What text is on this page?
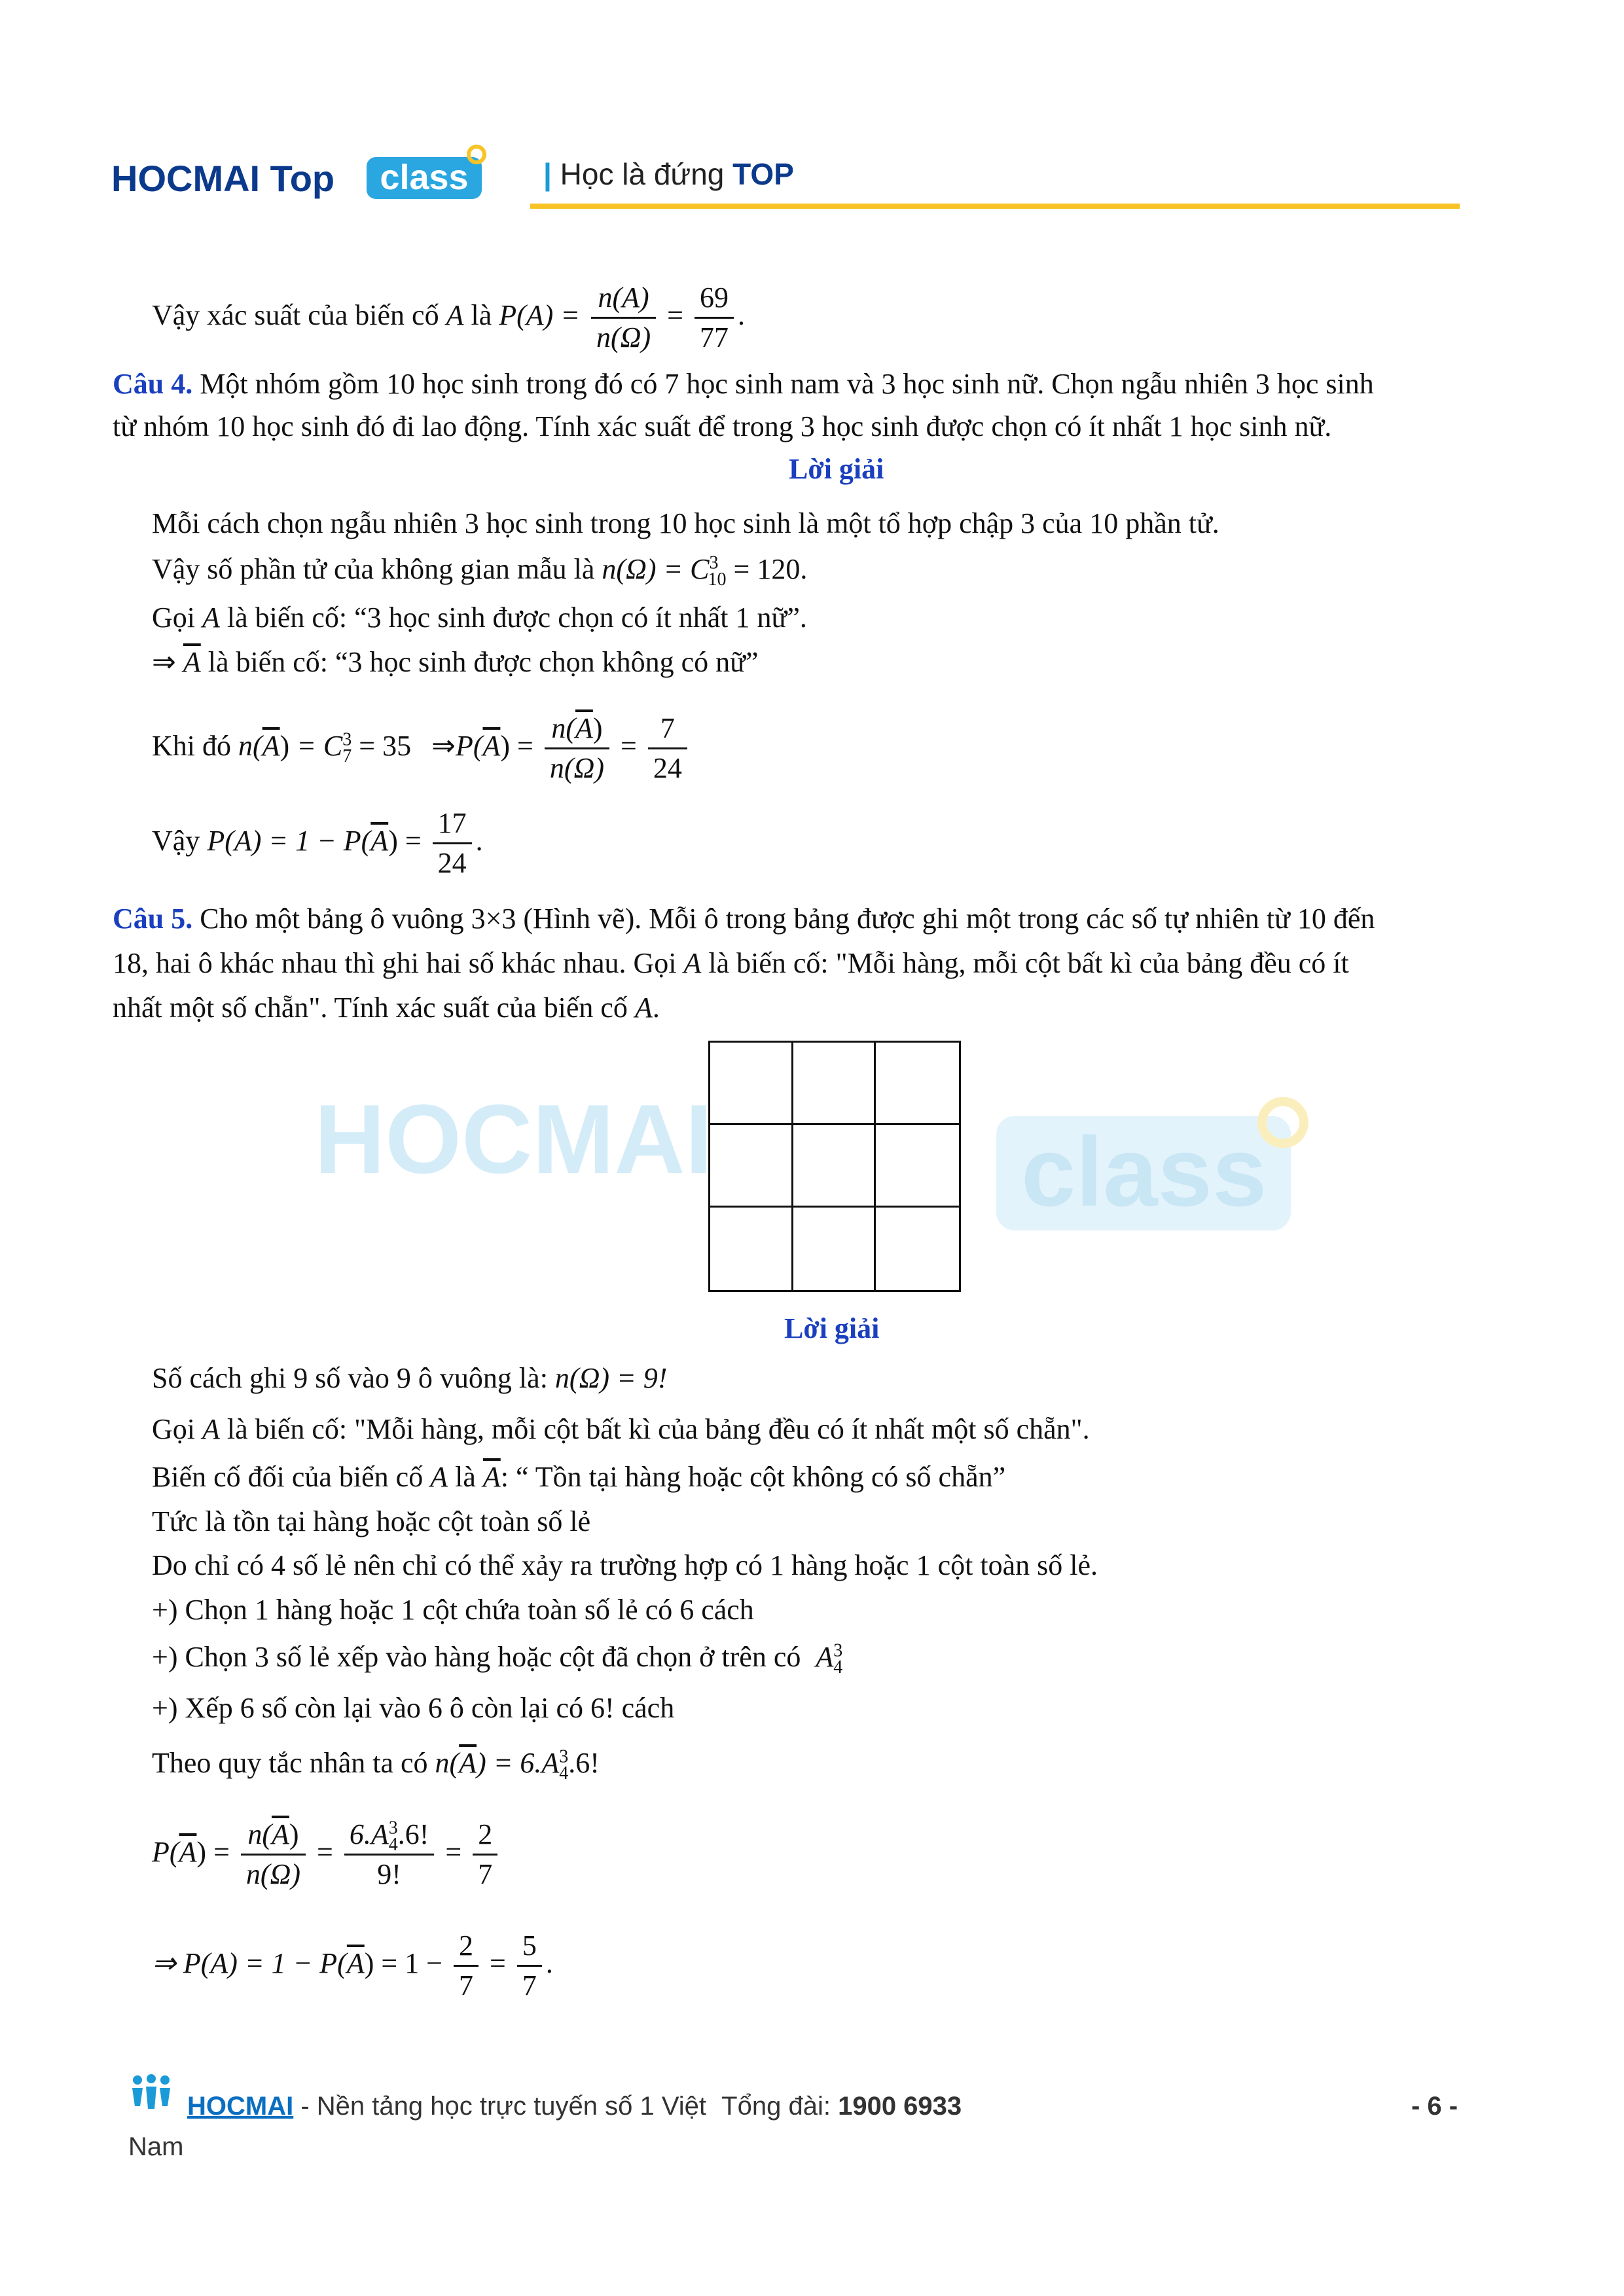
HOCMAI Top	class	| Học là đứng TOP
HOCMAI	class
Vậy xác suất của biến cố A là $P(A) = \frac{n(A)}{n(\Omega)} = \frac{69}{77}$ .
Câu 4. Một nhóm gồm 10 học sinh trong đó có 7 học sinh nam và 3 học sinh nữ. Chọn ngẫu nhiên 3 học sinh
từ nhóm 10 học sinh đó đi lao động. Tính xác suất để trong 3 học sinh được chọn có ít nhất 1 học sinh nữ.
Lời giải
Mỗi cách chọn ngẫu nhiên 3 học sinh trong 10 học sinh là một tổ hợp chập 3 của 10 phần tử.
Vậy số phần tử của không gian mẫu là $n(\Omega) = C^3_{10} = 120$.
Gọi A là biến cố: “3 học sinh được chọn có ít nhất 1 nữ”.
⇒ $\overline{A}$ là biến cố: “3 học sinh được chọn không có nữ”
Khi đó $n(\overline{A}) = C^3_7 = 35$ $\Rightarrow P(\overline{A}) = \frac{n(\overline{A})}{n(\Omega)} = \frac{7}{24}$
Vậy $P(A) = 1 - P(\overline{A}) = \frac{17}{24}$ .
Câu 5. Cho một bảng ô vuông 3×3 (Hình vẽ). Mỗi ô trong bảng được ghi một trong các số tự nhiên từ 10 đến
18, hai ô khác nhau thì ghi hai số khác nhau. Gọi A là biến cố: "Mỗi hàng, mỗi cột bất kì của bảng đều có ít
nhất một số chẵn". Tính xác suất của biến cố A.
Lời giải
Số cách ghi 9 số vào 9 ô vuông là: n(Ω) = 9!
Gọi A là biến cố: "Mỗi hàng, mỗi cột bất kì của bảng đều có ít nhất một số chẵn".
Biến cố đối của biến cố A là $\overline{A}$: “ Tồn tại hàng hoặc cột không có số chẵn”
Tức là tồn tại hàng hoặc cột toàn số lẻ
Do chỉ có 4 số lẻ nên chỉ có thể xảy ra trường hợp có 1 hàng hoặc 1 cột toàn số lẻ.
+) Chọn 1 hàng hoặc 1 cột chứa toàn số lẻ có 6 cách
+) Chọn 3 số lẻ xếp vào hàng hoặc cột đã chọn ở trên có $A^3_4$
+) Xếp 6 số còn lại vào 6 ô còn lại có 6! cách
Theo quy tắc nhân ta có $n(\overline{A}) = 6.A^3_4.6$!
$P(\overline{A}) = \frac{n(\overline{A})}{n(\Omega)} = \frac{6.A^3_4.6!}{9!} = \frac{2}{7}$
⇒ $P(A) = 1 - P(\overline{A}) = 1 - \frac{2}{7} = \frac{5}{7}$ .
HOCMAI - Nền tảng học trực tuyến số 1 Việt Tổng đài: 1900 6933	- 6 -
Nam
